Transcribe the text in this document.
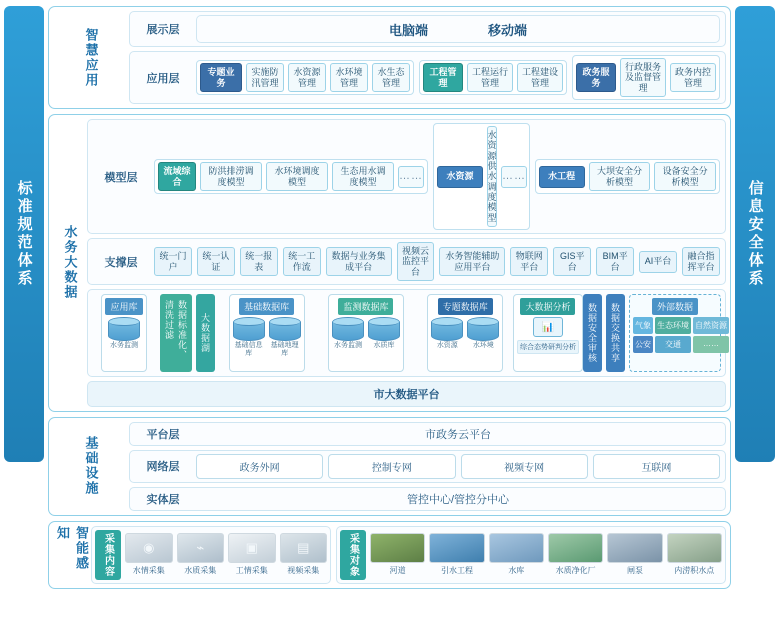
标准规范体系	信息安全体系
智慧应用	展示层	电脑端	移动端
应用层
专题业务
实施防汛管理
水资源管理
水环境管理
水生态管理
工程管理
工程运行管理
工程建设管理
政务服务
行政服务及监督管理
政务内控管理
水务大数据
模型层
流域综合
防洪排涝调度模型
水环境调度模型
生态用水调度模型	……	水资源
水资源供水调度模型
……	水工程
大坝安全分析模型
设备安全分析模型
支撑层
统一门户
统一认证
统一报表
统一工作流
数据与业务集成平台
视频云监控平台
水务智能辅助应用平台
物联网平台
GIS平台
BIM平台
AI平台
融合指挥平台
应用库
水务监测	数据标准化、清洗过滤	大数据湖
基础数据库
基础信息库
基础地理库
监测数据库
水务监测	水质库
专题数据库
水资源	水环境
大数据分析
📊
综合态势研判分析	数据安全审核 数据交换共享	外部数据
气象 生态环境 自然资源
公安	交通	……
市大数据平台
基础设施
平台层	市政务云平台
网络层	政务外网	控制专网	视频专网	互联网
实体层	管控中心/管控分中心
智能感知	采集内容	◉
水情采集
⌁
水质采集
▣
工情采集
▤
视频采集	采集对象	河道	引水工程	水库	水质净化厂	闸泵	内涝积水点
